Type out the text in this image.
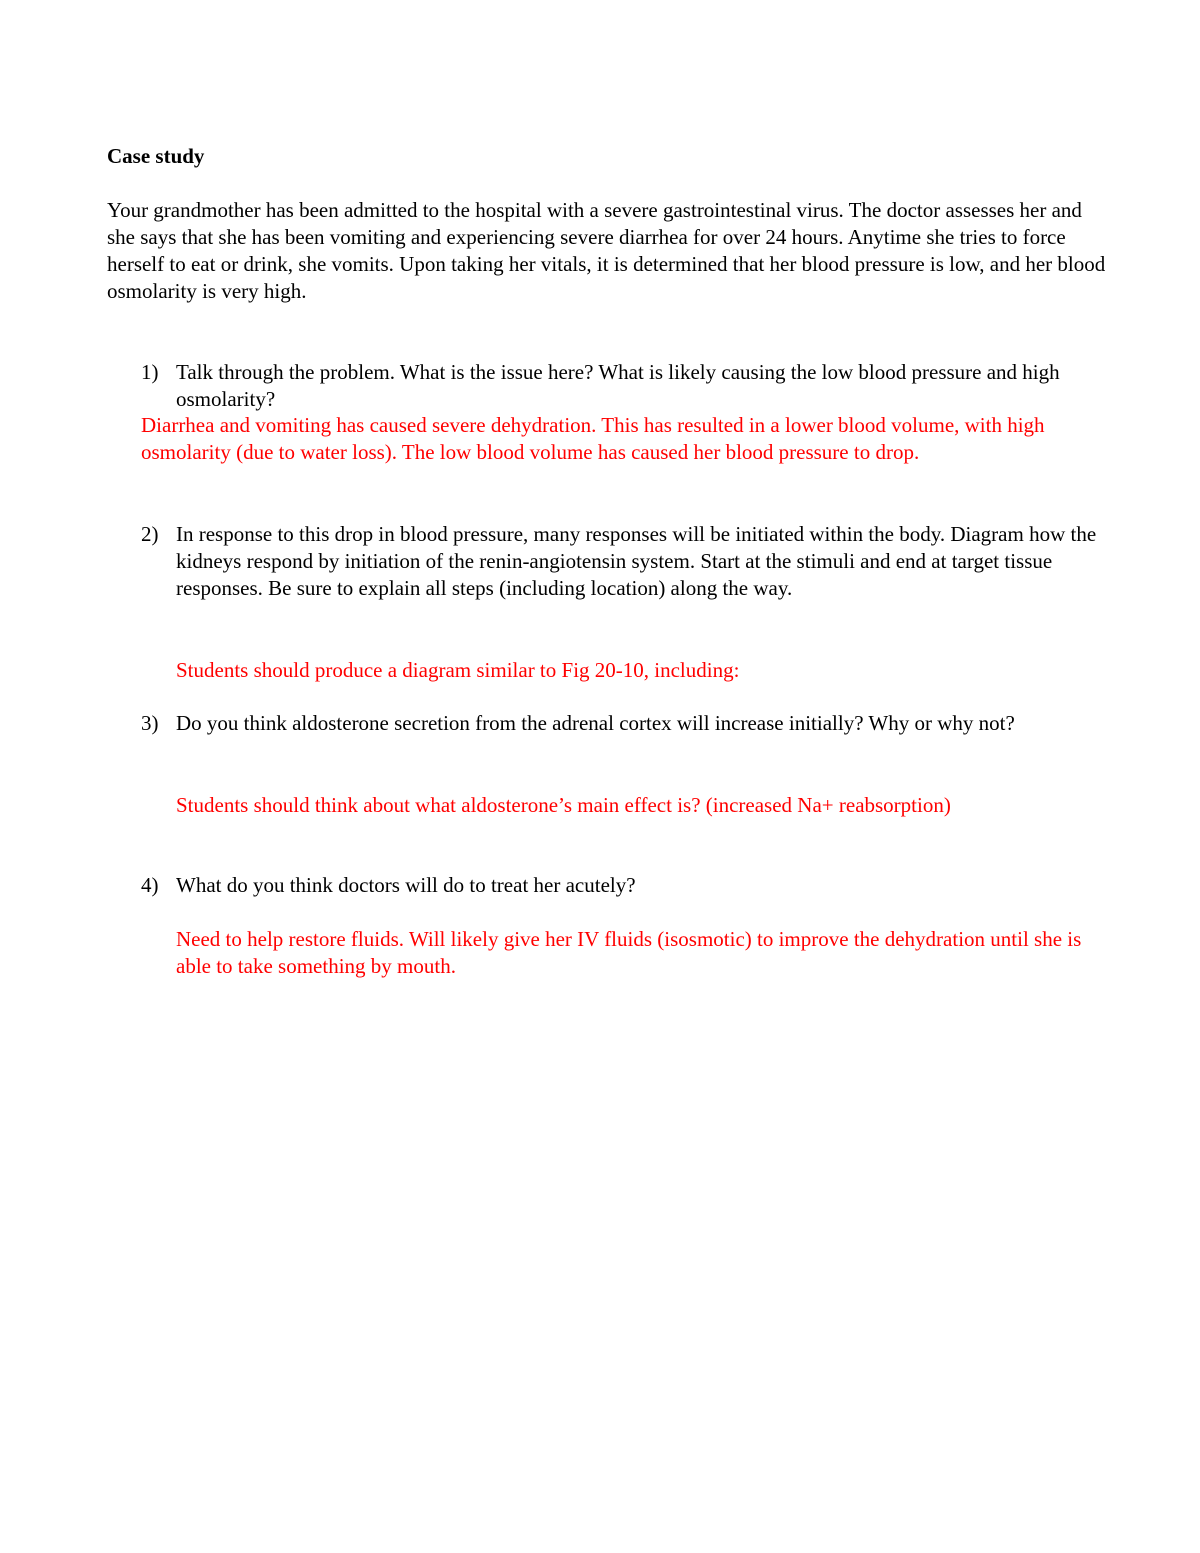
Case study

Your grandmother has been admitted to the hospital with a severe gastrointestinal virus. The doctor assesses her and she says that she has been vomiting and experiencing severe diarrhea for over 24 hours. Anytime she tries to force herself to eat or drink, she vomits. Upon taking her vitals, it is determined that her blood pressure is low, and her blood osmolarity is very high.

1) Talk through the problem. What is the issue here? What is likely causing the low blood pressure and high osmolarity?
Diarrhea and vomiting has caused severe dehydration. This has resulted in a lower blood volume, with high osmolarity (due to water loss). The low blood volume has caused her blood pressure to drop.
2) In response to this drop in blood pressure, many responses will be initiated within the body. Diagram how the kidneys respond by initiation of the renin-angiotensin system. Start at the stimuli and end at target tissue responses. Be sure to explain all steps (including location) along the way.
Students should produce a diagram similar to Fig 20-10, including:
3) Do you think aldosterone secretion from the adrenal cortex will increase initially? Why or why not?
Students should think about what aldosterone’s main effect is? (increased Na+ reabsorption)
4) What do you think doctors will do to treat her acutely?
Need to help restore fluids. Will likely give her IV fluids (isosmotic) to improve the dehydration until she is able to take something by mouth.
